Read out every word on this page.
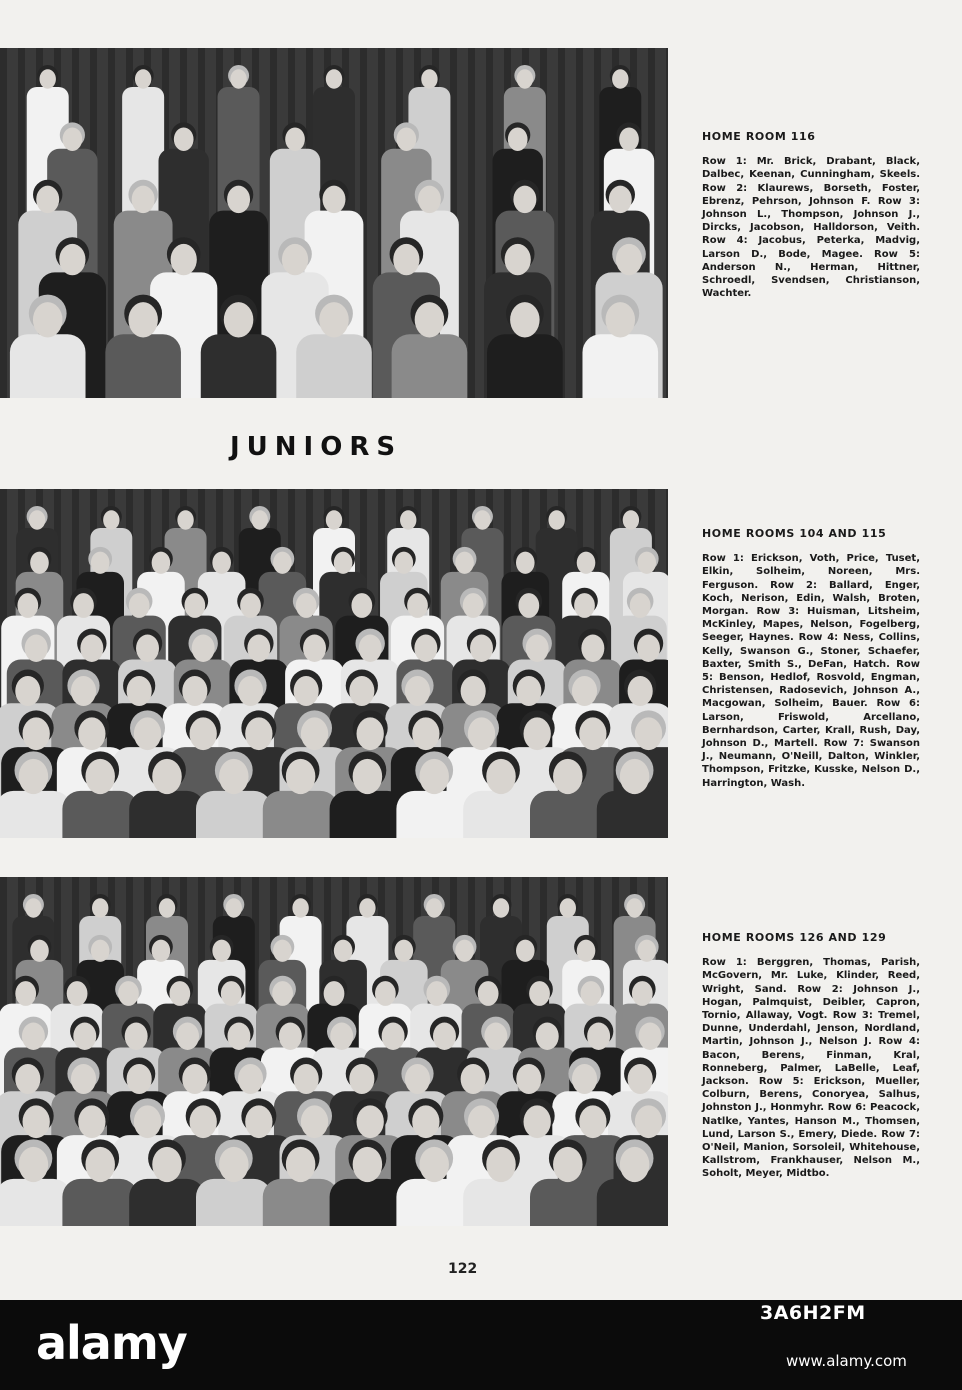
HOME ROOM 116
Row 1: Mr. Brick, Drabant, Black, Dalbec, Keenan, Cunningham, Skeels. Row 2: Klaurews, Borseth, Foster, Ebrenz, Pehrson, Johnson F. Row 3: Johnson L., Thompson, Johnson J., Dircks, Jacobson, Halldorson, Veith. Row 4: Jacobus, Peterka, Madvig, Larson D., Bode, Magee. Row 5: Anderson N., Herman, Hittner, Schroedl, Svendsen, Christianson, Wachter.
JUNIORS
HOME ROOMS 104 AND 115
Row 1: Erickson, Voth, Price, Tuset, Elkin, Solheim, Noreen, Mrs. Ferguson. Row 2: Ballard, Enger, Koch, Nerison, Edin, Walsh, Broten, Morgan. Row 3: Huisman, Litsheim, McKinley, Mapes, Nelson, Fogelberg, Seeger, Haynes. Row 4: Ness, Collins, Kelly, Swanson G., Stoner, Schaefer, Baxter, Smith S., DeFan, Hatch. Row 5: Benson, Hedlof, Rosvold, Engman, Christensen, Radosevich, Johnson A., Macgowan, Solheim, Bauer. Row 6: Larson, Friswold, Arcellano, Bernhardson, Carter, Krall, Rush, Day, Johnson D., Martell. Row 7: Swanson J., Neumann, O'Neill, Dalton, Winkler, Thompson, Fritzke, Kusske, Nelson D., Harrington, Wash.
HOME ROOMS 126 AND 129
Row 1: Berggren, Thomas, Parish, McGovern, Mr. Luke, Klinder, Reed, Wright, Sand. Row 2: Johnson J., Hogan, Palmquist, Deibler, Capron, Tornio, Allaway, Vogt. Row 3: Tremel, Dunne, Underdahl, Jenson, Nordland, Martin, Johnson J., Nelson J. Row 4: Bacon, Berens, Finman, Kral, Ronneberg, Palmer, LaBelle, Leaf, Jackson. Row 5: Erickson, Mueller, Colburn, Berens, Conoryea, Salhus, Johnston J., Honmyhr. Row 6: Peacock, Natlke, Yantes, Hanson M., Thomsen, Lund, Larson S., Emery, Diede. Row 7: O'Neil, Manion, Sorsoleil, Whitehouse, Kallstrom, Frankhauser, Nelson M., Soholt, Meyer, Midtbo.

122

alamy

3A6H2FM

www.alamy.com
